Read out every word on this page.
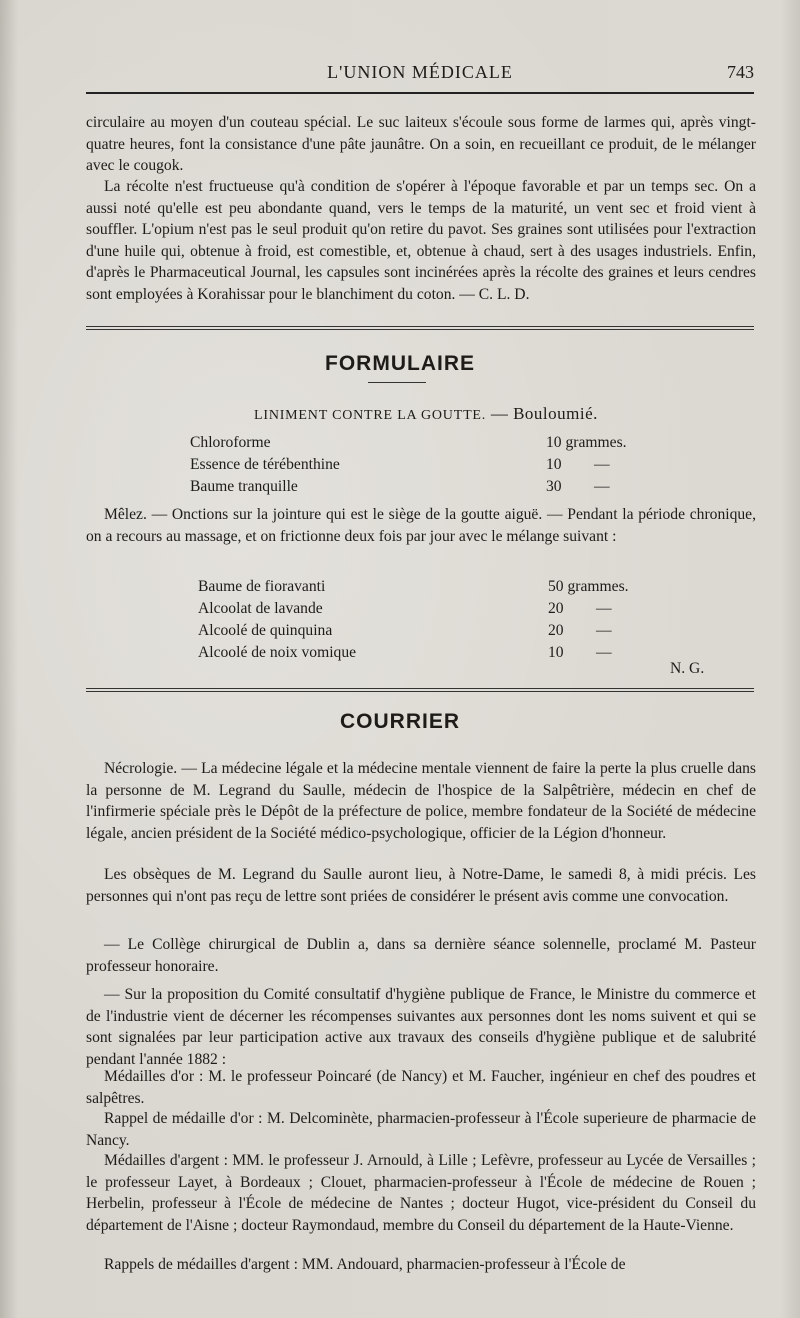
L'UNION MÉDICALE	743

circulaire au moyen d'un couteau spécial. Le suc laiteux s'écoule sous forme de larmes qui, après vingt-quatre heures, font la consistance d'une pâte jaunâtre. On a soin, en recueillant ce produit, de le mélanger avec le cougok.

La récolte n'est fructueuse qu'à condition de s'opérer à l'époque favorable et par un temps sec. On a aussi noté qu'elle est peu abondante quand, vers le temps de la maturité, un vent sec et froid vient à souffler. L'opium n'est pas le seul produit qu'on retire du pavot. Ses graines sont utilisées pour l'extraction d'une huile qui, obtenue à froid, est comestible, et, obtenue à chaud, sert à des usages industriels. Enfin, d'après le Pharmaceutical Journal, les capsules sont incinérées après la récolte des graines et leurs cendres sont employées à Korahissar pour le blanchiment du coton. — C. L. D.

FORMULAIRE
LINIMENT CONTRE LA GOUTTE. — Bouloumié.
Chloroforme	10 grammes.
Essence de térébenthine	10 —
Baume tranquille	30 —

Mêlez. — Onctions sur la jointure qui est le siège de la goutte aiguë. — Pendant la période chronique, on a recours au massage, et on frictionne deux fois par jour avec le mélange suivant :

Baume de fioravanti	50 grammes.
Alcoolat de lavande	20 —
Alcoolé de quinquina	20 —
Alcoolé de noix vomique	10 —
N. G.
COURRIER

Nécrologie. — La médecine légale et la médecine mentale viennent de faire la perte la plus cruelle dans la personne de M. Legrand du Saulle, médecin de l'hospice de la Salpêtrière, médecin en chef de l'infirmerie spéciale près le Dépôt de la préfecture de police, membre fondateur de la Société de médecine légale, ancien président de la Société médico-psychologique, officier de la Légion d'honneur.

Les obsèques de M. Legrand du Saulle auront lieu, à Notre-Dame, le samedi 8, à midi précis. Les personnes qui n'ont pas reçu de lettre sont priées de considérer le présent avis comme une convocation.

— Le Collège chirurgical de Dublin a, dans sa dernière séance solennelle, proclamé M. Pasteur professeur honoraire.

— Sur la proposition du Comité consultatif d'hygiène publique de France, le Ministre du commerce et de l'industrie vient de décerner les récompenses suivantes aux personnes dont les noms suivent et qui se sont signalées par leur participation active aux travaux des conseils d'hygiène publique et de salubrité pendant l'année 1882 :

Médailles d'or : M. le professeur Poincaré (de Nancy) et M. Faucher, ingénieur en chef des poudres et salpêtres.

Rappel de médaille d'or : M. Delcominète, pharmacien-professeur à l'École superieure de pharmacie de Nancy.

Médailles d'argent : MM. le professeur J. Arnould, à Lille ; Lefèvre, professeur au Lycée de Versailles ; le professeur Layet, à Bordeaux ; Clouet, pharmacien-professeur à l'École de médecine de Rouen ; Herbelin, professeur à l'École de médecine de Nantes ; docteur Hugot, vice-président du Conseil du département de l'Aisne ; docteur Raymondaud, membre du Conseil du département de la Haute-Vienne.

Rappels de médailles d'argent : MM. Andouard, pharmacien-professeur à l'École de
